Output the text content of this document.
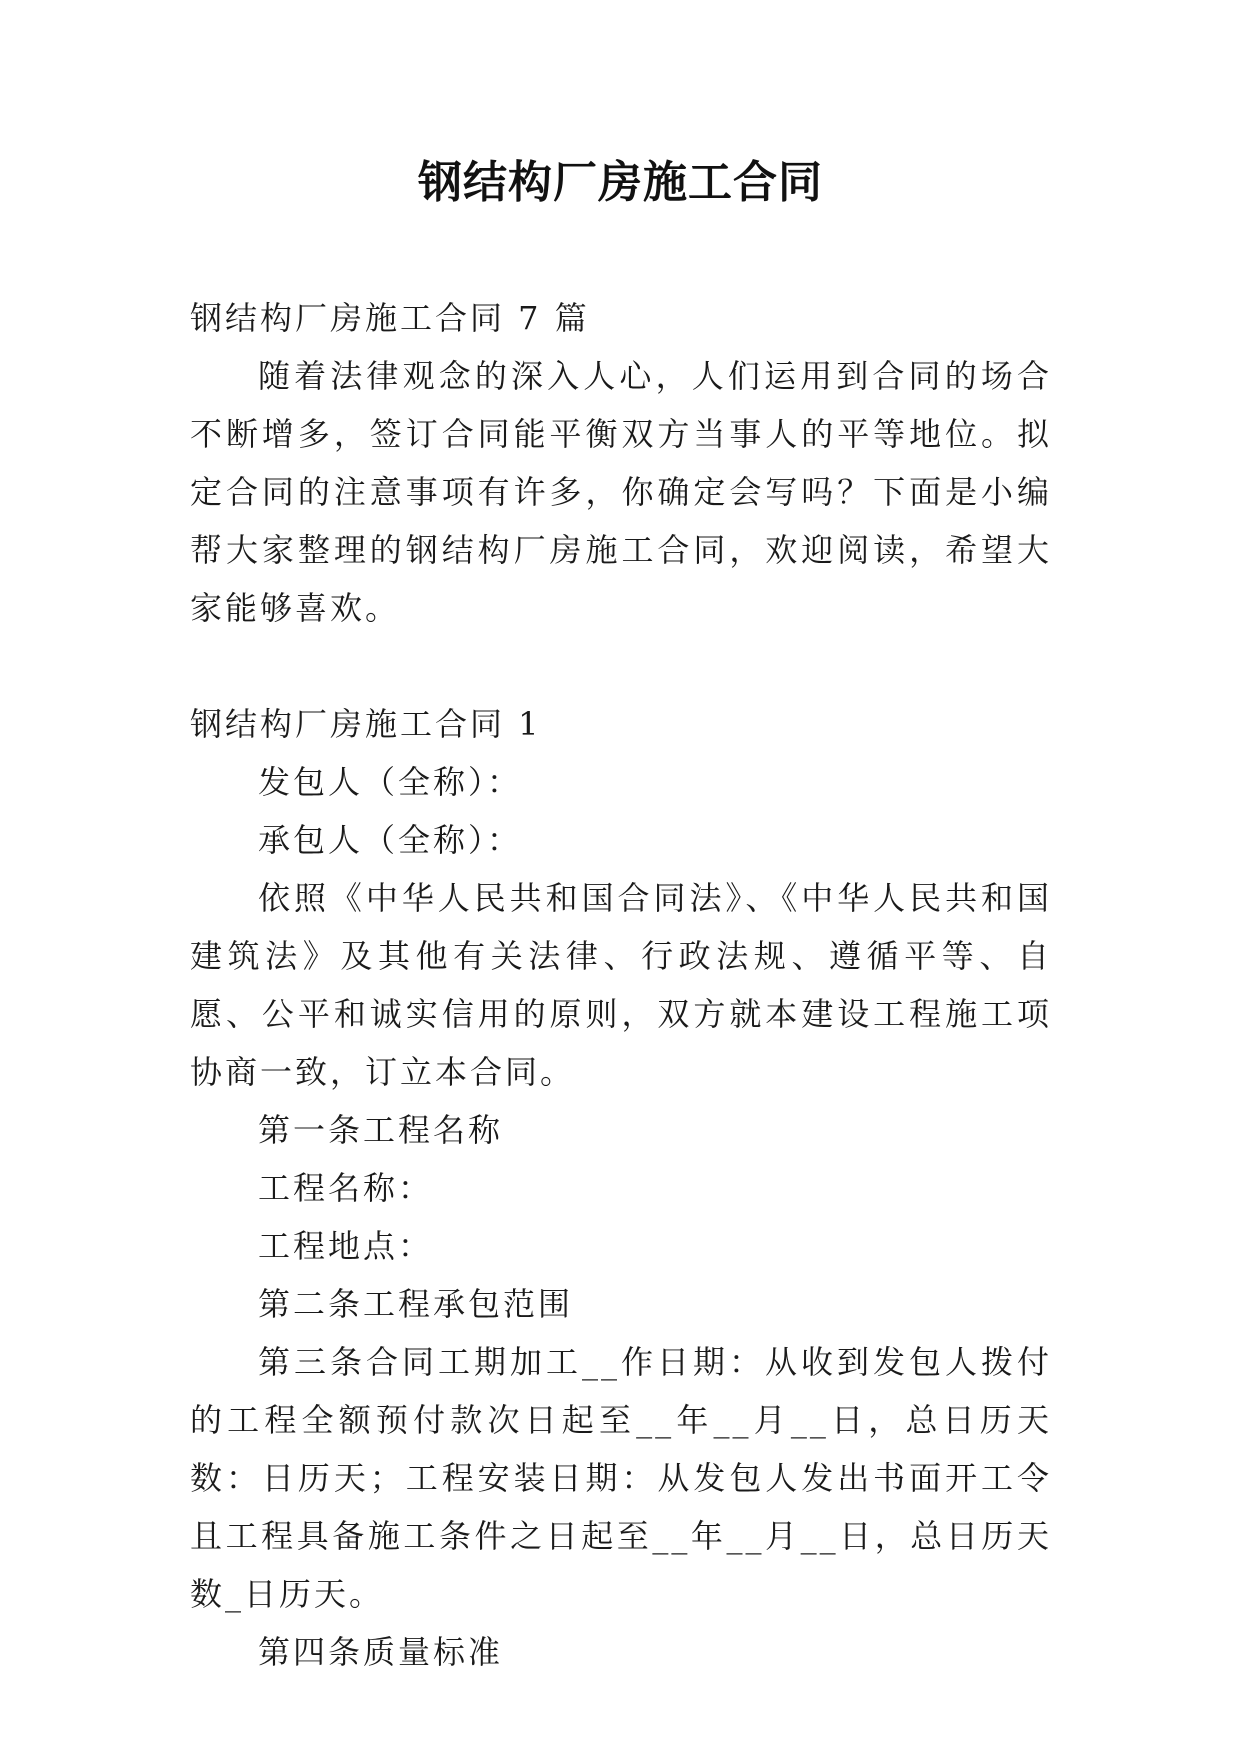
钢结构厂房施工合同

钢结构厂房施工合同 7 篇

随着法律观念的深入人心，人们运用到合同的场合不断增多，签订合同能平衡双方当事人的平等地位。拟定合同的注意事项有许多，你确定会写吗？下面是小编帮大家整理的钢结构厂房施工合同，欢迎阅读，希望大家能够喜欢。

钢结构厂房施工合同 1

发包人（全称）：

承包人（全称）：

依照《中华人民共和国合同法》、《中华人民共和国建筑法》及其他有关法律、行政法规、遵循平等、自愿、公平和诚实信用的原则，双方就本建设工程施工项协商一致，订立本合同。

第一条工程名称

工程名称：

工程地点：

第二条工程承包范围

第三条合同工期加工__作日期：从收到发包人拨付的工程全额预付款次日起至__年__月__日，总日历天数：日历天；工程安装日期：从发包人发出书面开工令且工程具备施工条件之日起至__年__月__日，总日历天数_日历天。

第四条质量标准
